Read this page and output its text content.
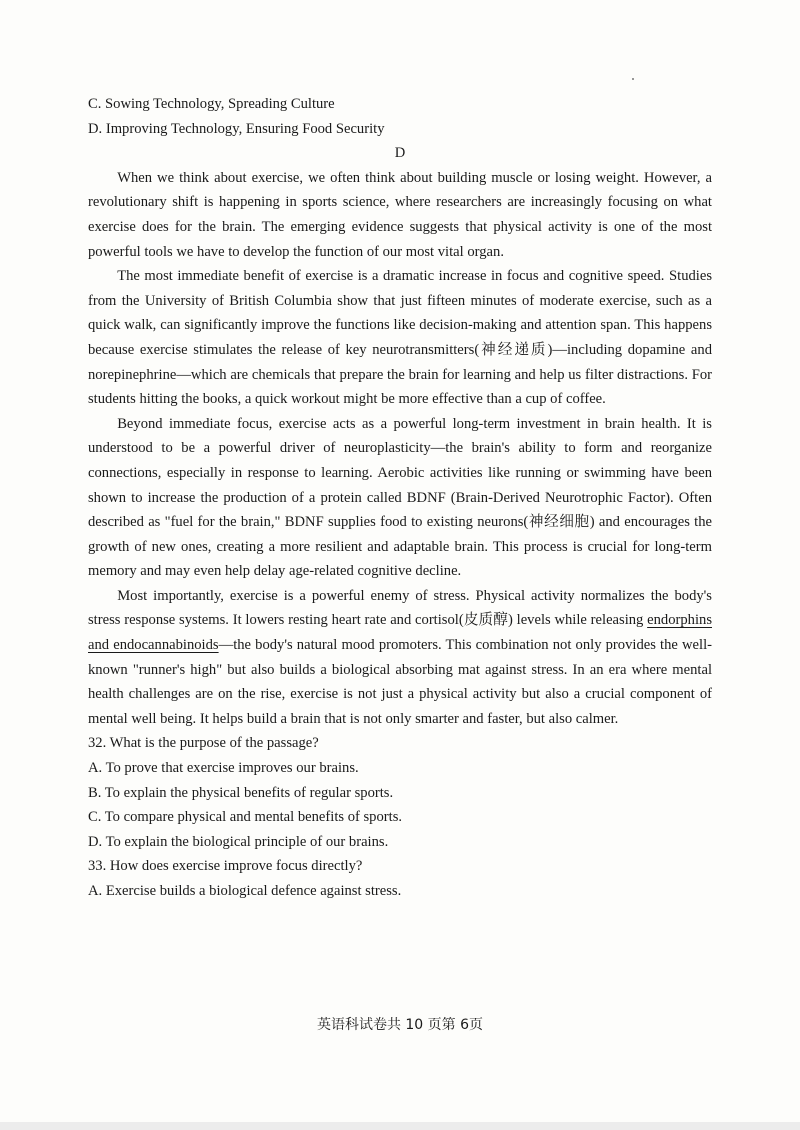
C. Sowing Technology, Spreading Culture

D. Improving Technology, Ensuring Food Security

D

When we think about exercise, we often think about building muscle or losing weight. However, a revolutionary shift is happening in sports science, where researchers are increasingly focusing on what exercise does for the brain. The emerging evidence suggests that physical activity is one of the most powerful tools we have to develop the function of our most vital organ.

The most immediate benefit of exercise is a dramatic increase in focus and cognitive speed. Studies from the University of British Columbia show that just fifteen minutes of moderate exercise, such as a quick walk, can significantly improve the functions like decision-making and attention span. This happens because exercise stimulates the release of key neurotransmitters(神经递质)—including dopamine and norepinephrine—which are chemicals that prepare the brain for learning and help us filter distractions. For students hitting the books, a quick workout might be more effective than a cup of coffee.

Beyond immediate focus, exercise acts as a powerful long-term investment in brain health. It is understood to be a powerful driver of neuroplasticity—the brain's ability to form and reorganize connections, especially in response to learning. Aerobic activities like running or swimming have been shown to increase the production of a protein called BDNF (Brain-Derived Neurotrophic Factor). Often described as "fuel for the brain," BDNF supplies food to existing neurons(神经细胞) and encourages the growth of new ones, creating a more resilient and adaptable brain. This process is crucial for long-term memory and may even help delay age-related cognitive decline.

Most importantly, exercise is a powerful enemy of stress. Physical activity normalizes the body's stress response systems. It lowers resting heart rate and cortisol(皮质醇) levels while releasing endorphins and endocannabinoids—the body's natural mood promoters. This combination not only provides the well-known "runner's high" but also builds a biological absorbing mat against stress. In an era where mental health challenges are on the rise, exercise is not just a physical activity but also a crucial component of mental well being. It helps build a brain that is not only smarter and faster, but also calmer.

32. What is the purpose of the passage?

A. To prove that exercise improves our brains.

B. To explain the physical benefits of regular sports.

C. To compare physical and mental benefits of sports.

D. To explain the biological principle of our brains.

33. How does exercise improve focus directly?

A. Exercise builds a biological defence against stress.

英语科试卷共 10 页第 6页
